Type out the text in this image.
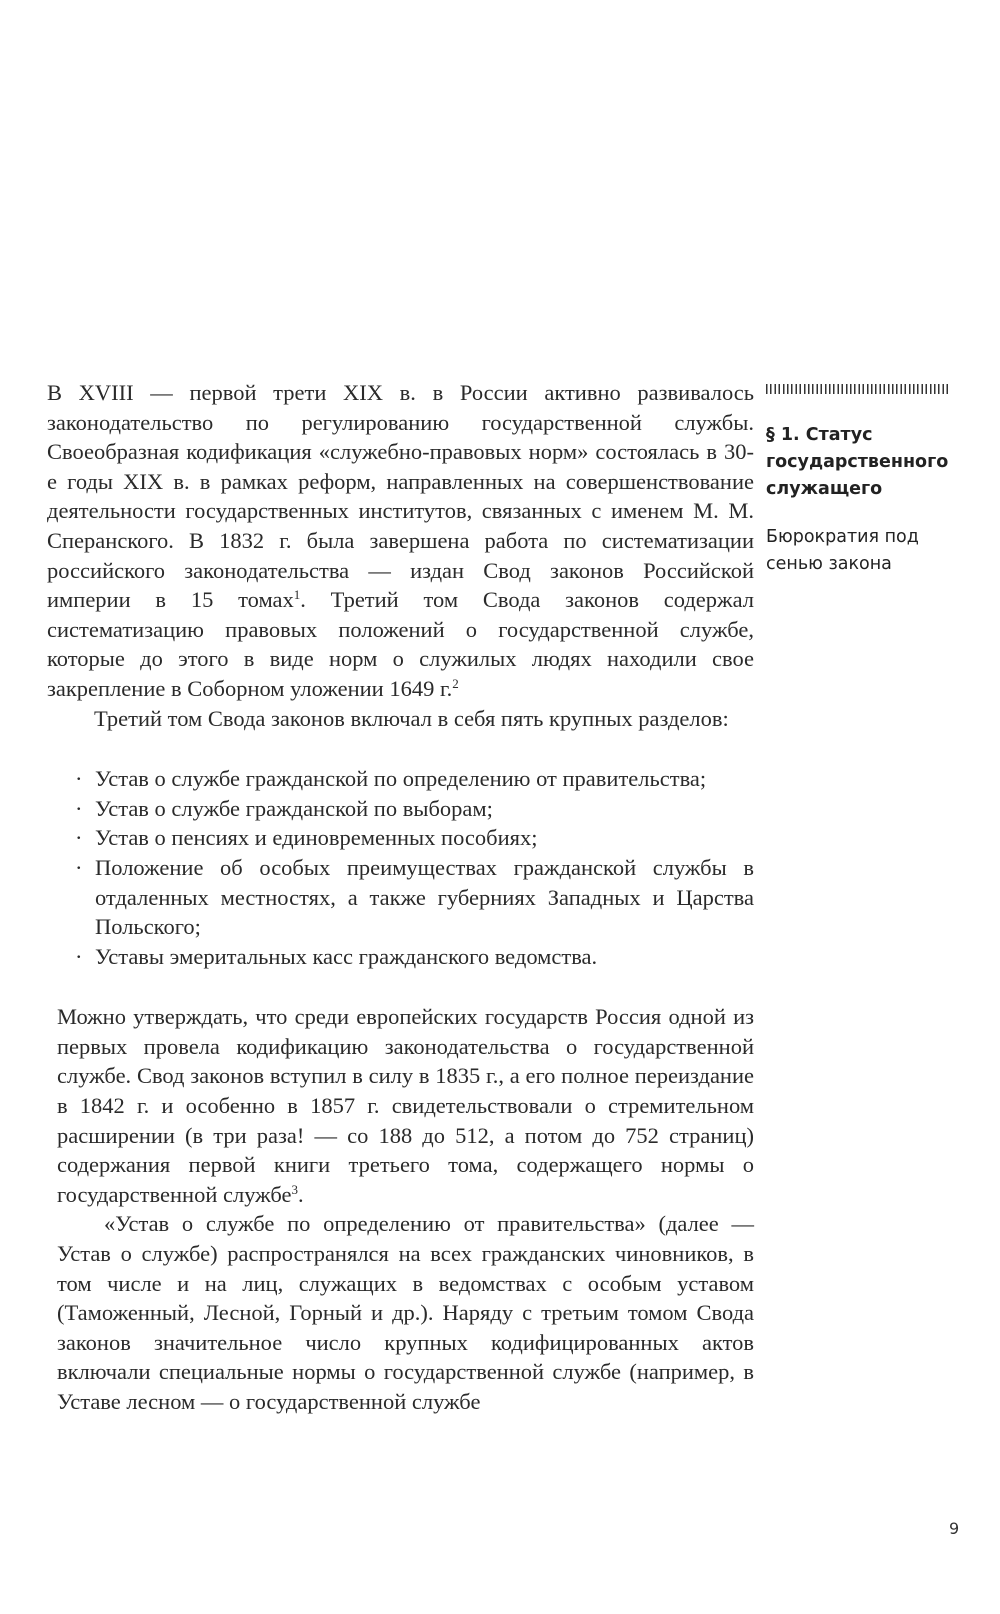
В XVIII — первой трети XIX в. в России активно развивалось законодательство по регулированию государственной службы. Своеобразная кодификация «служебно-правовых норм» состоялась в 30-е годы XIX в. в рамках реформ, направленных на совершенствование деятельности государственных институтов, связанных с именем М. М. Сперанского. В 1832 г. была завершена работа по систематизации российского законодательства — издан Свод законов Российской империи в 15 томах$^1$. Третий том Свода законов содержал систематизацию правовых положений о государственной службе, которые до этого в виде норм о служилых людях находили свое закрепление в Соборном уложении 1649 г.$^2$

Третий том Свода законов включал в себя пять крупных разделов:

· Устав о службе гражданской по определению от правительства;
· Устав о службе гражданской по выборам;
· Устав о пенсиях и единовременных пособиях;
· Положение об особых преимуществах гражданской службы в отдаленных местностях, а также губерниях Западных и Царства Польского;
· Уставы эмеритальных касс гражданского ведомства.

Можно утверждать, что среди европейских государств Россия одной из первых провела кодификацию законодательства о государственной службе. Свод законов вступил в силу в 1835 г., а его полное переиздание в 1842 г. и особенно в 1857 г. свидетельствовали о стремительном расширении (в три раза! — со 188 до 512, а потом до 752 страниц) содержания первой книги третьего тома, содержащего нормы о государственной службе$^3$.

«Устав о службе по определению от правительства» (далее — Устав о службе) распространялся на всех гражданских чиновников, в том числе и на лиц, служащих в ведомствах с особым уставом (Таможенный, Лесной, Горный и др.). Наряду с третьим томом Свода законов значительное число крупных кодифицированных актов включали специальные нормы о государственной службе (например, в Уставе лесном — о государственной службе

§ 1. Статус государственного служащего
Бюрократия под сенью закона
9
